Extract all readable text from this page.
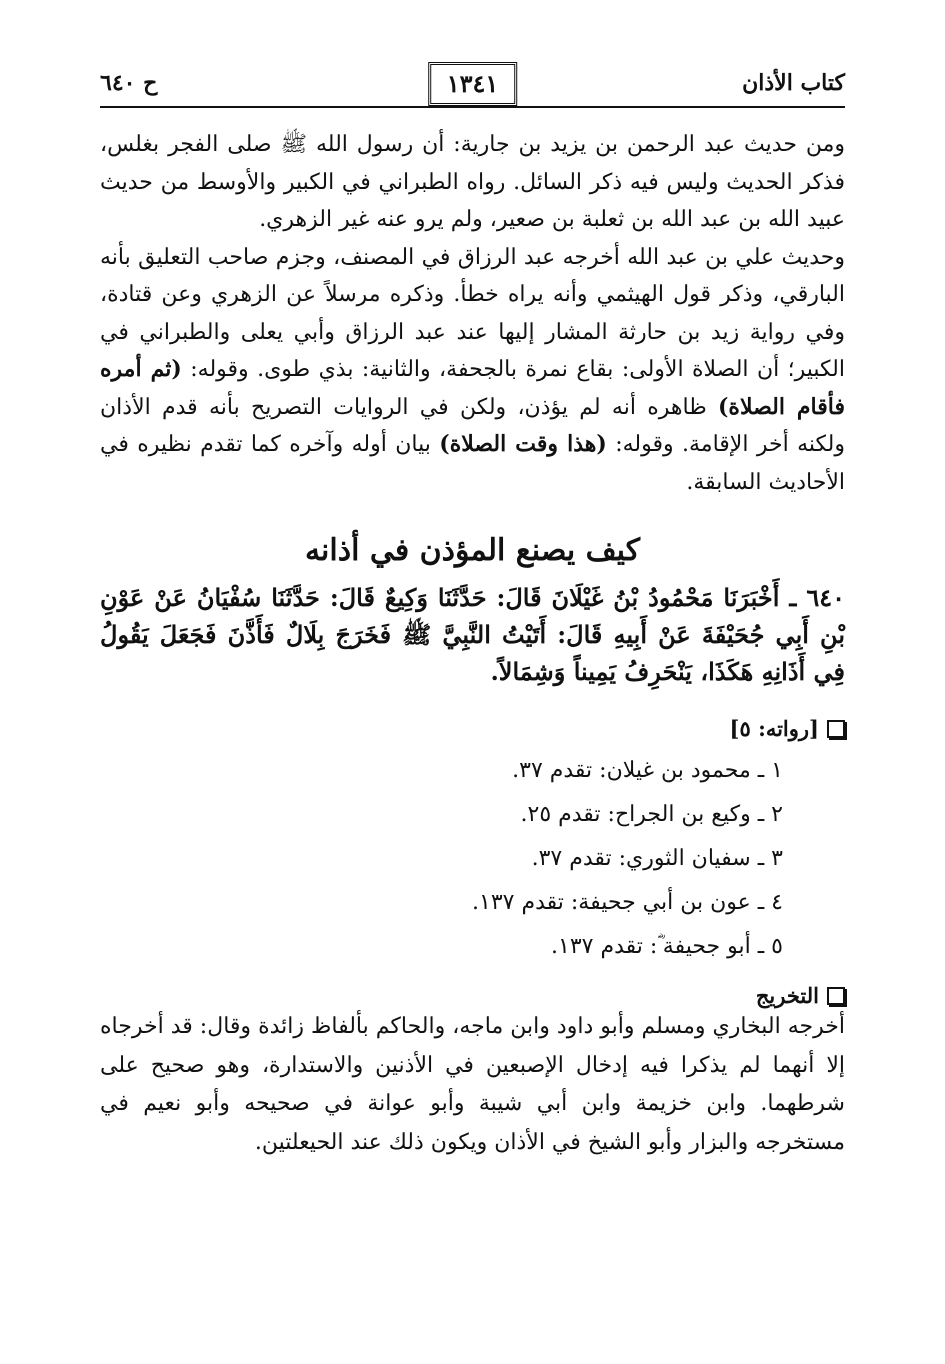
كتاب الأذان
١٣٤١
ح ٦٤٠

ومن حديث عبد الرحمن بن يزيد بن جارية: أن رسول الله ﷺ صلى الفجر بغلس، فذكر الحديث وليس فيه ذكر السائل. رواه الطبراني في الكبير والأوسط من حديث عبيد الله بن عبد الله بن ثعلبة بن صعير، ولم يرو عنه غير الزهري.

وحديث علي بن عبد الله أخرجه عبد الرزاق في المصنف، وجزم صاحب التعليق بأنه البارقي، وذكر قول الهيثمي وأنه يراه خطأ. وذكره مرسلاً عن الزهري وعن قتادة، وفي رواية زيد بن حارثة المشار إليها عند عبد الرزاق وأبي يعلى والطبراني في الكبير؛ أن الصلاة الأولى: بقاع نمرة بالجحفة، والثانية: بذي طوى. وقوله: (ثم أمره فأقام الصلاة) ظاهره أنه لم يؤذن، ولكن في الروايات التصريح بأنه قدم الأذان ولكنه أخر الإقامة. وقوله: (هذا وقت الصلاة) بيان أوله وآخره كما تقدم نظيره في الأحاديث السابقة.

كيف يصنع المؤذن في أذانه

٦٤٠ ـ أَخْبَرَنَا مَحْمُودُ بْنُ غَيْلَانَ قَالَ: حَدَّثَنَا وَكِيعٌ قَالَ: حَدَّثَنَا سُفْيَانُ عَنْ عَوْنِ بْنِ أَبِي جُحَيْفَةَ عَنْ أَبِيهِ قَالَ: أَتَيْتُ النَّبِيَّ ﷺ فَخَرَجَ بِلَالٌ فَأَذَّنَ فَجَعَلَ يَقُولُ فِي أَذَانِهِ هَكَذَا، يَنْحَرِفُ يَمِيناً وَشِمَالاً.

[رواته: ٥]
١ ـ محمود بن غيلان: تقدم ٣٧.
٢ ـ وكيع بن الجراح: تقدم ٢٥.
٣ ـ سفيان الثوري: تقدم ٣٧.
٤ ـ عون بن أبي جحيفة: تقدم ١٣٧.
٥ ـ أبو جحيفة ؓ: تقدم ١٣٧.
التخريج

أخرجه البخاري ومسلم وأبو داود وابن ماجه، والحاكم بألفاظ زائدة وقال: قد أخرجاه إلا أنهما لم يذكرا فيه إدخال الإصبعين في الأذنين والاستدارة، وهو صحيح على شرطهما. وابن خزيمة وابن أبي شيبة وأبو عوانة في صحيحه وأبو نعيم في مستخرجه والبزار وأبو الشيخ في الأذان ويكون ذلك عند الحيعلتين.
